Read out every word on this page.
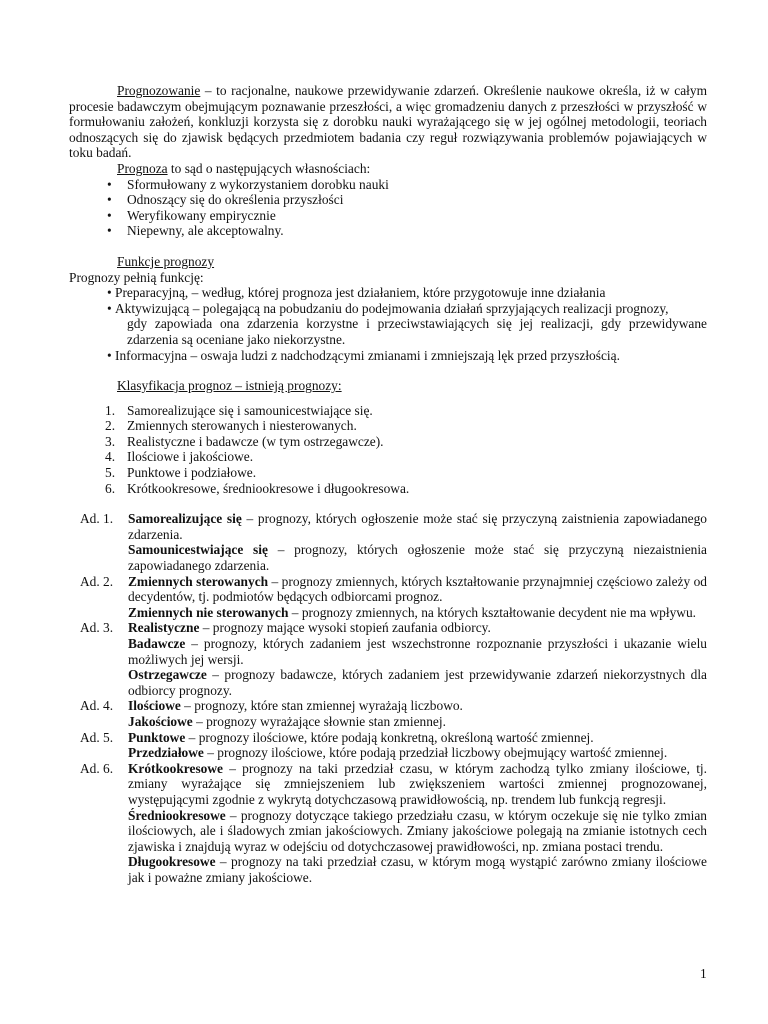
Prognozowanie – to racjonalne, naukowe przewidywanie zdarzeń. Określenie naukowe określa, iż w całym procesie badawczym obejmującym poznawanie przeszłości, a więc gromadzeniu danych z przeszłości w przyszłość w formułowaniu założeń, konkluzji korzysta się z dorobku nauki wyrażającego się w jej ogólnej metodologii, teoriach odnoszących się do zjawisk będących przedmiotem badania czy reguł rozwiązywania problemów pojawiających w toku badań.

Prognoza to sąd o następujących własnościach:

• Sformułowany z wykorzystaniem dorobku nauki
• Odnoszący się do określenia przyszłości
• Weryfikowany empirycznie
• Niepewny, ale akceptowalny.

Funkcje prognozy

Prognozy pełnią funkcję:

• Preparacyjną, – według, której prognoza jest działaniem, które przygotowuje inne działania
• Aktywizującą – polegającą na pobudzaniu do podejmowania działań sprzyjających realizacji prognozy,
gdy zapowiada ona zdarzenia korzystne i przeciwstawiających się jej realizacji, gdy przewidywane zdarzenia są oceniane jako niekorzystne.
• Informacyjna – oswaja ludzi z nadchodzącymi zmianami i zmniejszają lęk przed przyszłością.

Klasyfikacja prognoz – istnieją prognozy:

1. Samorealizujące się i samounicestwiające się.
2. Zmiennych sterowanych i niesterowanych.
3. Realistyczne i badawcze (w tym ostrzegawcze).
4. Ilościowe i jakościowe.
5. Punktowe i podziałowe.
6. Krótkookresowe, średniookresowe i długookresowa.
Ad. 1. Samorealizujące się – prognozy, których ogłoszenie może stać się przyczyną zaistnienia zapowiadanego zdarzenia.

Samounicestwiające się – prognozy, których ogłoszenie może stać się przyczyną niezaistnienia zapowiadanego zdarzenia.

Ad. 2. Zmiennych sterowanych – prognozy zmiennych, których kształtowanie przynajmniej częściowo zależy od decydentów, tj. podmiotów będących odbiorcami prognoz.

Zmiennych nie sterowanych – prognozy zmiennych, na których kształtowanie decydent nie ma wpływu.

Ad. 3. Realistyczne – prognozy mające wysoki stopień zaufania odbiorcy.

Badawcze – prognozy, których zadaniem jest wszechstronne rozpoznanie przyszłości i ukazanie wielu możliwych jej wersji.

Ostrzegawcze – prognozy badawcze, których zadaniem jest przewidywanie zdarzeń niekorzystnych dla odbiorcy prognozy.

Ad. 4. Ilościowe – prognozy, które stan zmiennej wyrażają liczbowo.

Jakościowe – prognozy wyrażające słownie stan zmiennej.

Ad. 5. Punktowe – prognozy ilościowe, które podają konkretną, określoną wartość zmiennej.

Przedziałowe – prognozy ilościowe, które podają przedział liczbowy obejmujący wartość zmiennej.

Ad. 6. Krótkookresowe – prognozy na taki przedział czasu, w którym zachodzą tylko zmiany ilościowe, tj. zmiany wyrażające się zmniejszeniem lub zwiększeniem wartości zmiennej prognozowanej, występującymi zgodnie z wykrytą dotychczasową prawidłowością, np. trendem lub funkcją regresji.

Średniookresowe – prognozy dotyczące takiego przedziału czasu, w którym oczekuje się nie tylko zmian ilościowych, ale i śladowych zmian jakościowych. Zmiany jakościowe polegają na zmianie istotnych cech zjawiska i znajdują wyraz w odejściu od dotychczasowej prawidłowości, np. zmiana postaci trendu.

Długookresowe – prognozy na taki przedział czasu, w którym mogą wystąpić zarówno zmiany ilościowe jak i poważne zmiany jakościowe.

1
